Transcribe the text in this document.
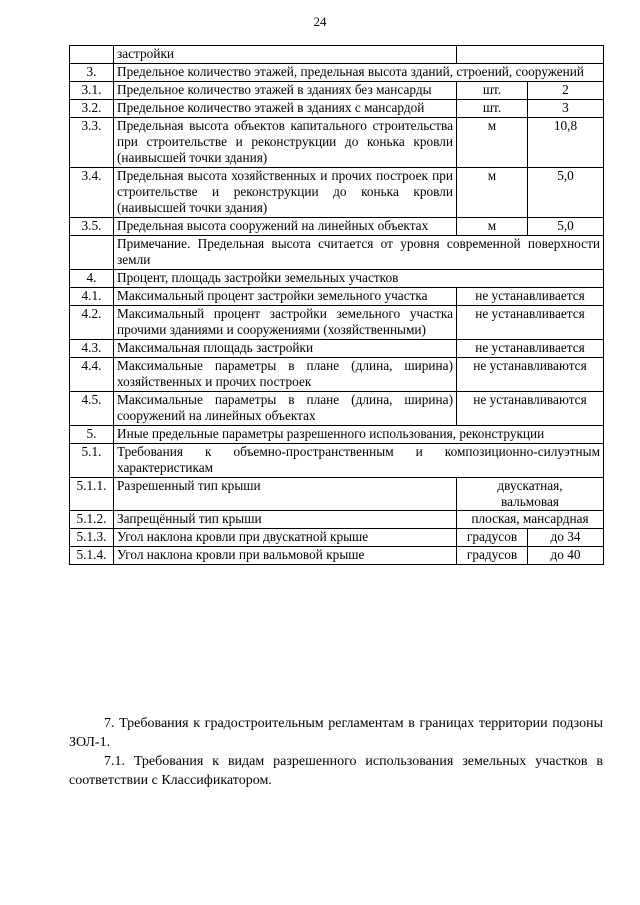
24
	застройки		
3.	Предельное количество этажей, предельная высота зданий, строений, сооружений		
3.1.	Предельное количество этажей в зданиях без мансарды	шт.	2
3.2.	Предельное количество этажей в зданиях с мансардой	шт.	3
3.3.	Предельная высота объектов капитального строительства при строительстве и реконструкции до конька кровли (наивысшей точки здания)	м	10,8
3.4.	Предельная высота хозяйственных и прочих построек при строительстве и реконструкции до конька кровли (наивысшей точки здания)	м	5,0
3.5.	Предельная высота сооружений на линейных объектах	м	5,0
	Примечание. Предельная высота считается от уровня современной поверхности земли		
4.	Процент, площадь застройки земельных участков		
4.1.	Максимальный процент застройки земельного участка	не устанавливается	
4.2.	Максимальный процент застройки земельного участка прочими зданиями и сооружениями (хозяйственными)	не устанавливается	
4.3.	Максимальная площадь застройки	не устанавливается	
4.4.	Максимальные параметры в плане (длина, ширина) хозяйственных и прочих построек	не устанавливаются	
4.5.	Максимальные параметры в плане (длина, ширина) сооружений на линейных объектах	не устанавливаются	
5.	Иные предельные параметры разрешенного использования, реконструкции		
5.1.	Требования к объемно-пространственным и композиционно-силуэтным характеристикам		
5.1.1.	Разрешенный тип крыши	двускатная, вальмовая	
5.1.2.	Запрещённый тип крыши	плоская, мансардная	
5.1.3.	Угол наклона кровли при двускатной крыше	градусов	до 34
5.1.4.	Угол наклона кровли при вальмовой крыше	градусов	до 40

7. Требования к градостроительным регламентам в границах территории подзоны ЗОЛ-1.

7.1. Требования к видам разрешенного использования земельных участков в соответствии с Классификатором.
